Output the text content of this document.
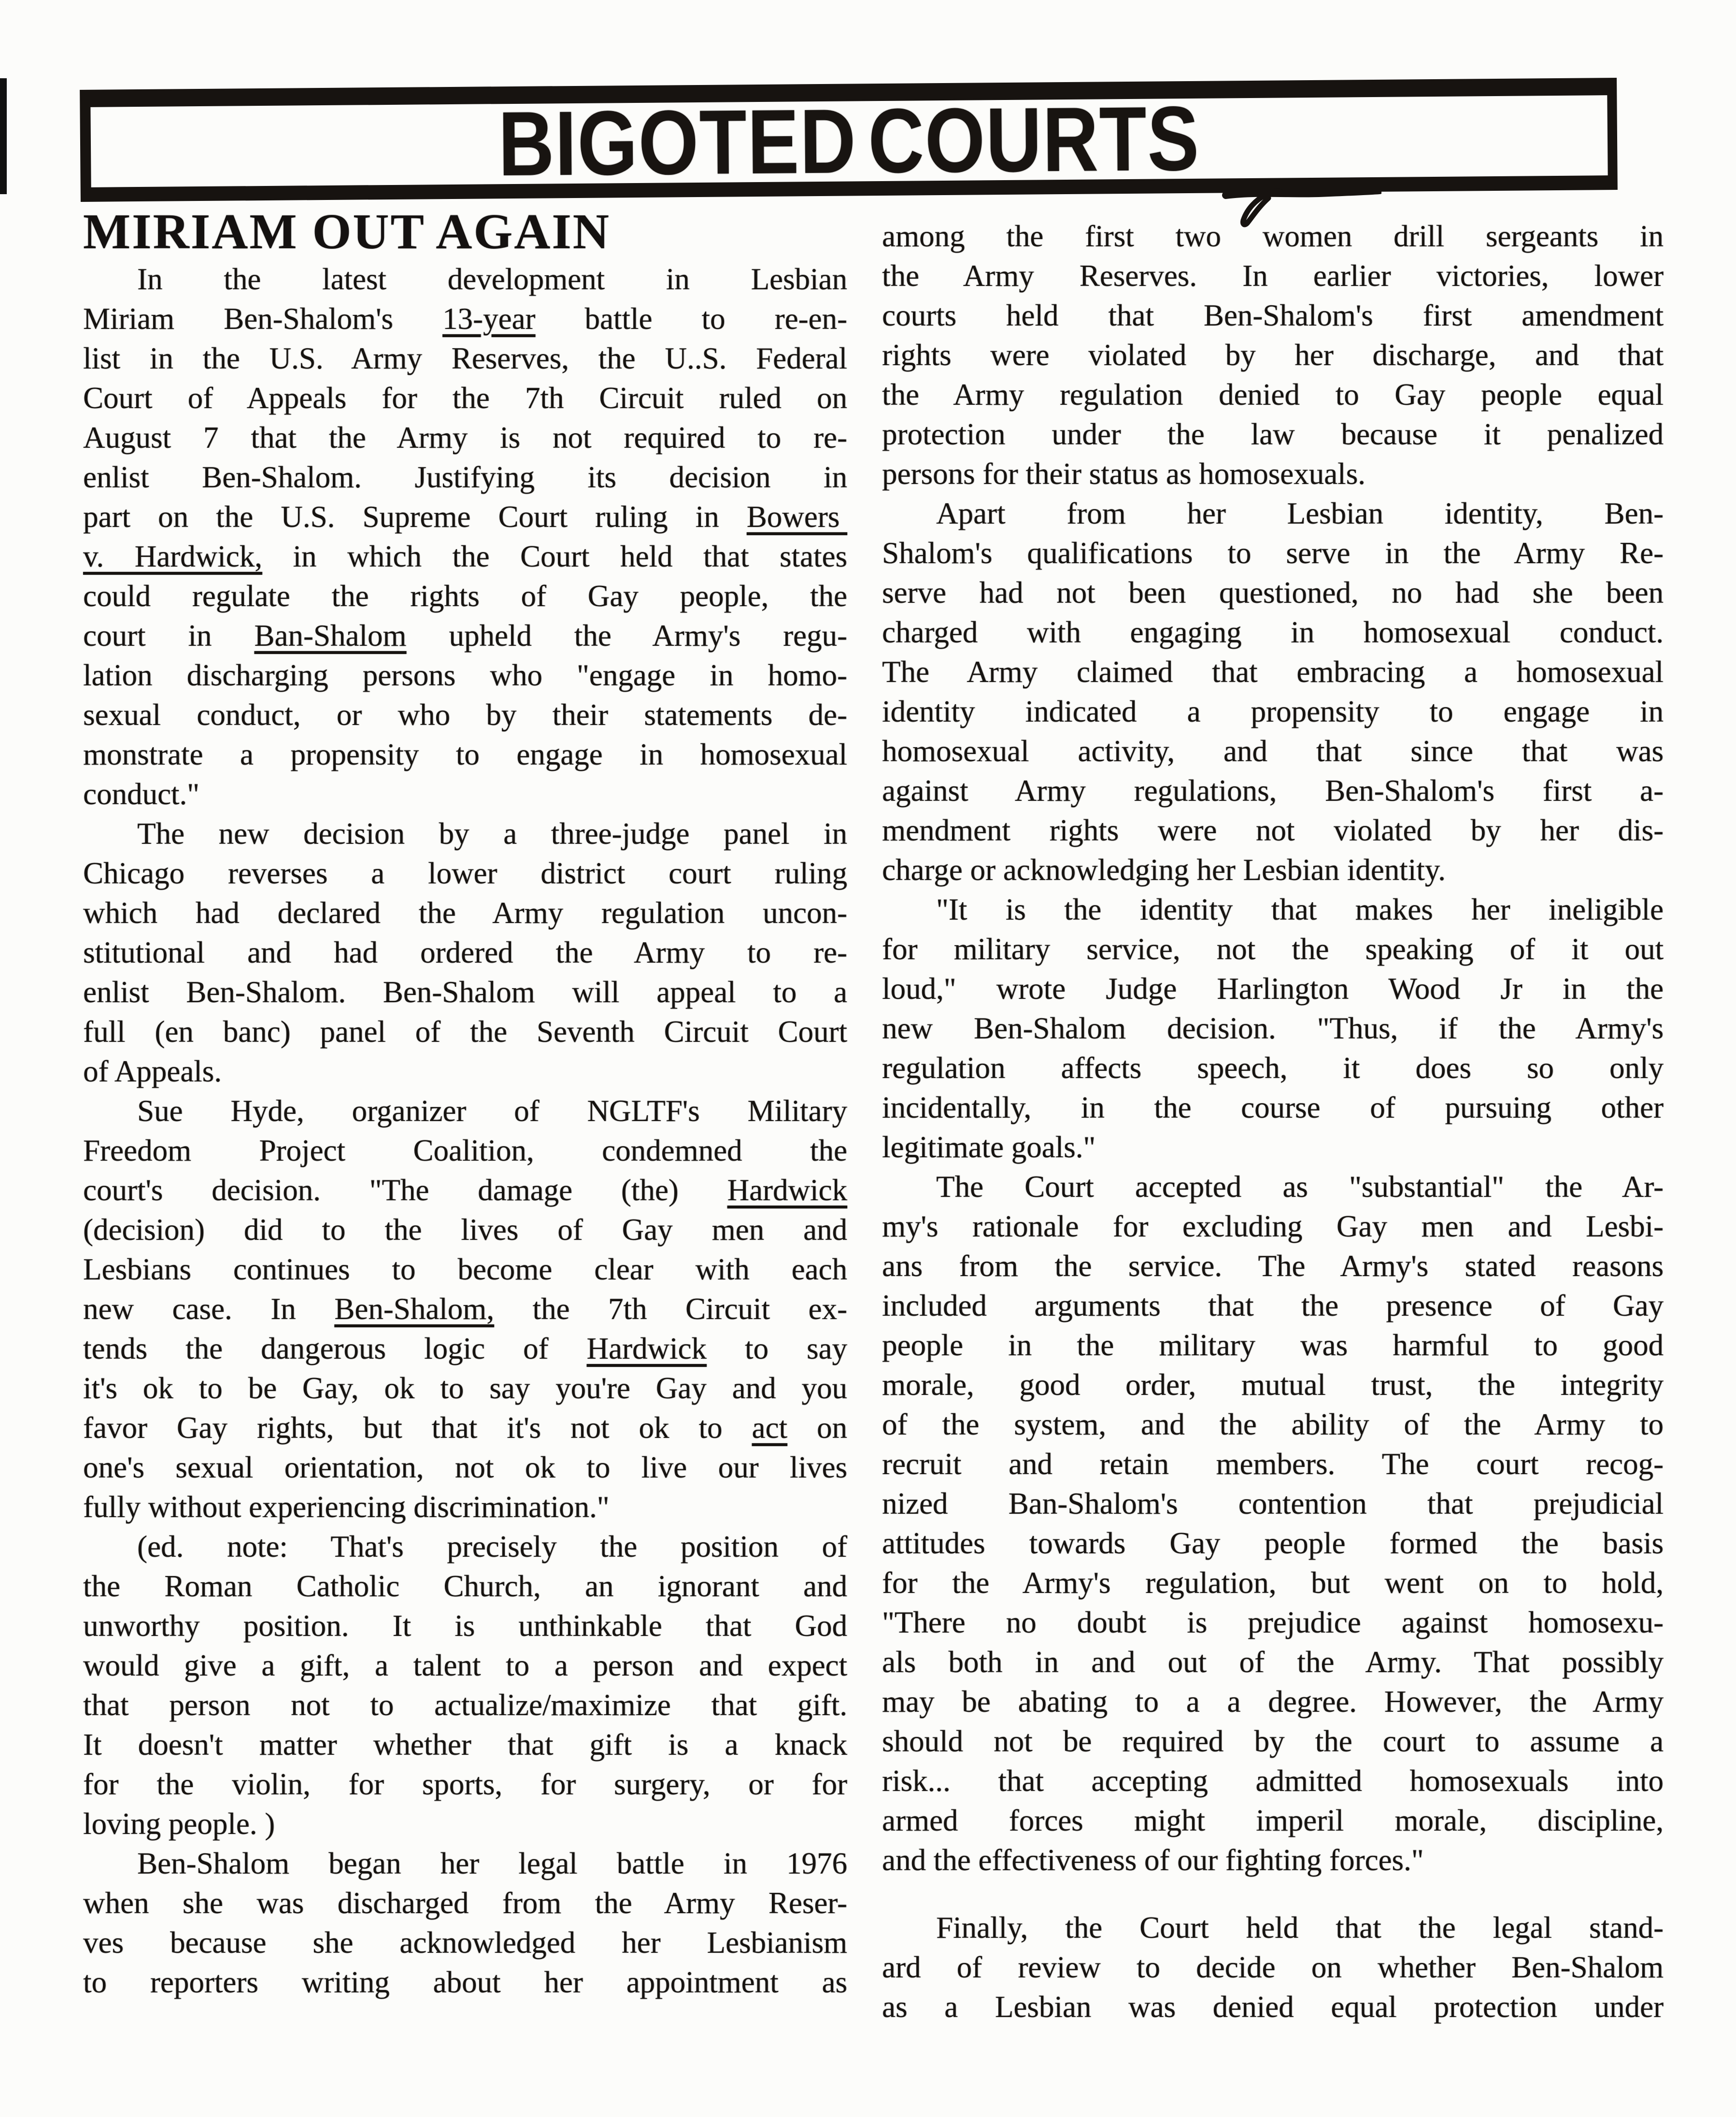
BIGOTED COURTS
MIRIAM OUT AGAIN
In the latest development in Lesbian
Miriam Ben-Shalom's 13-year battle to re-en-
list in the U.S. Army Reserves, the U..S. Federal
Court of Appeals for the 7th Circuit ruled on
August 7 that the Army is not required to re-
enlist Ben-Shalom. Justifying its decision in
part on the U.S. Supreme Court ruling in Bowers
v. Hardwick, in which the Court held that states
could regulate the rights of Gay people, the
court in Ban-Shalom upheld the Army's regu-
lation discharging persons who "engage in homo-
sexual conduct, or who by their statements de-
monstrate a propensity to engage in homosexual
conduct."
The new decision by a three-judge panel in
Chicago reverses a lower district court ruling
which had declared the Army regulation uncon-
stitutional and had ordered the Army to re-
enlist Ben-Shalom. Ben-Shalom will appeal to a
full (en banc) panel of the Seventh Circuit Court
of Appeals.
Sue Hyde, organizer of NGLTF's Military
Freedom Project Coalition, condemned the
court's decision. "The damage (the) Hardwick
(decision) did to the lives of Gay men and
Lesbians continues to become clear with each
new case. In Ben-Shalom, the 7th Circuit ex-
tends the dangerous logic of Hardwick to say
it's ok to be Gay, ok to say you're Gay and you
favor Gay rights, but that it's not ok to act on
one's sexual orientation, not ok to live our lives
fully without experiencing discrimination."
(ed. note: That's precisely the position of
the Roman Catholic Church, an ignorant and
unworthy position. It is unthinkable that God
would give a gift, a talent to a person and expect
that person not to actualize/maximize that gift.
It doesn't matter whether that gift is a knack
for the violin, for sports, for surgery, or for
loving people. )
Ben-Shalom began her legal battle in 1976
when she was discharged from the Army Reser-
ves because she acknowledged her Lesbianism
to reporters writing about her appointment as
among the first two women drill sergeants in
the Army Reserves. In earlier victories, lower
courts held that Ben-Shalom's first amendment
rights were violated by her discharge, and that
the Army regulation denied to Gay people equal
protection under the law because it penalized
persons for their status as homosexuals.
Apart from her Lesbian identity, Ben-
Shalom's qualifications to serve in the Army Re-
serve had not been questioned, no had she been
charged with engaging in homosexual conduct.
The Army claimed that embracing a homosexual
identity indicated a propensity to engage in
homosexual activity, and that since that was
against Army regulations, Ben-Shalom's first a-
mendment rights were not violated by her dis-
charge or acknowledging her Lesbian identity.
"It is the identity that makes her ineligible
for military service, not the speaking of it out
loud," wrote Judge Harlington Wood Jr in the
new Ben-Shalom decision. "Thus, if the Army's
regulation affects speech, it does so only
incidentally, in the course of pursuing other
legitimate goals."
The Court accepted as "substantial" the Ar-
my's rationale for excluding Gay men and Lesbi-
ans from the service. The Army's stated reasons
included arguments that the presence of Gay
people in the military was harmful to good
morale, good order, mutual trust, the integrity
of the system, and the ability of the Army to
recruit and retain members. The court recog-
nized Ban-Shalom's contention that prejudicial
attitudes towards Gay people formed the basis
for the Army's regulation, but went on to hold,
"There no doubt is prejudice against homosexu-
als both in and out of the Army. That possibly
may be abating to a a degree. However, the Army
should not be required by the court to assume a
risk... that accepting admitted homosexuals into
armed forces might imperil morale, discipline,
and the effectiveness of our fighting forces."
Finally, the Court held that the legal stand-
ard of review to decide on whether Ben-Shalom
as a Lesbian was denied equal protection under
